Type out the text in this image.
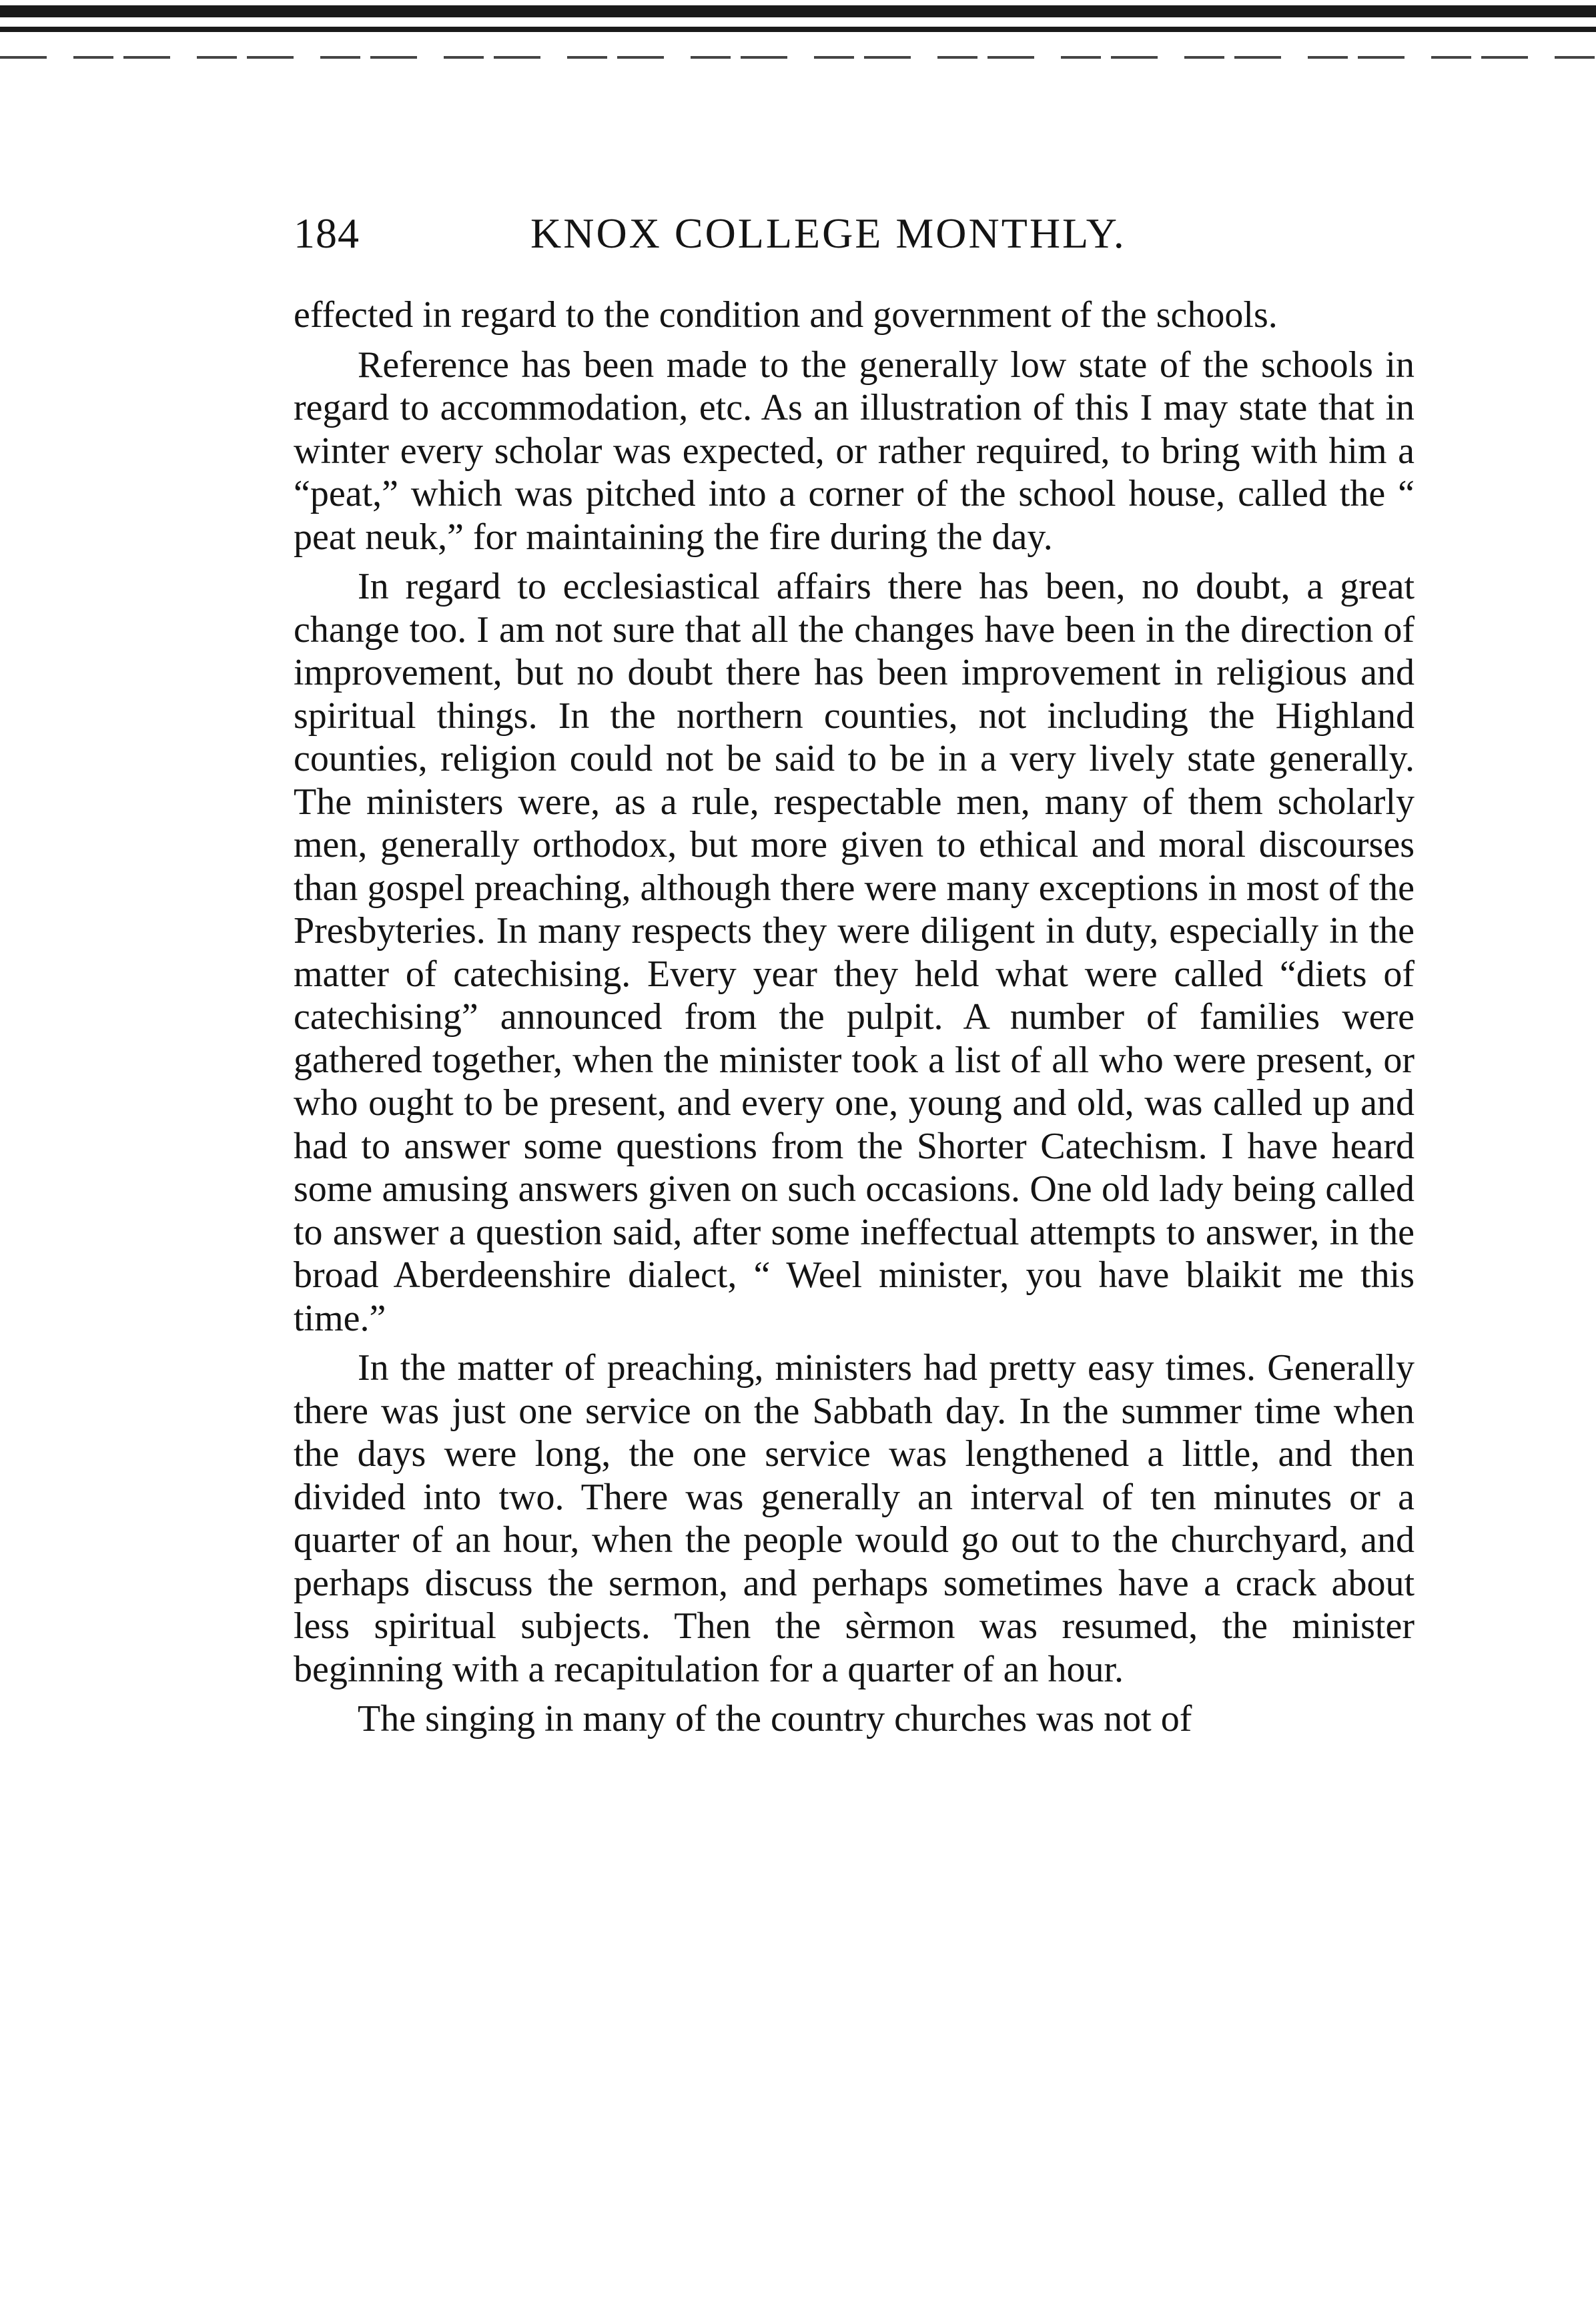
184	KNOX COLLEGE MONTHLY.

effected in regard to the condition and government of the schools.

Reference has been made to the generally low state of the schools in regard to accommodation, etc. As an illustration of this I may state that in winter every scholar was expected, or rather required, to bring with him a “peat,” which was pitched into a corner of the school house, called the “ peat neuk,” for maintaining the fire during the day.

In regard to ecclesiastical affairs there has been, no doubt, a great change too. I am not sure that all the changes have been in the direction of improvement, but no doubt there has been improvement in religious and spiritual things. In the northern counties, not including the Highland counties, religion could not be said to be in a very lively state generally. The ministers were, as a rule, respectable men, many of them scholarly men, generally orthodox, but more given to ethical and moral discourses than gospel preaching, although there were many exceptions in most of the Presbyteries. In many respects they were diligent in duty, especially in the matter of catechising. Every year they held what were called “diets of catechising” announced from the pulpit. A number of families were gathered together, when the minister took a list of all who were present, or who ought to be present, and every one, young and old, was called up and had to answer some questions from the Shorter Catechism. I have heard some amusing answers given on such occasions. One old lady being called to answer a question said, after some ineffectual attempts to answer, in the broad Aberdeenshire dialect, “ Weel minister, you have blaikit me this time.”

In the matter of preaching, ministers had pretty easy times. Generally there was just one service on the Sabbath day. In the summer time when the days were long, the one service was lengthened a little, and then divided into two. There was generally an interval of ten minutes or a quarter of an hour, when the people would go out to the churchyard, and perhaps discuss the sermon, and perhaps sometimes have a crack about less spiritual subjects. Then the sèrmon was resumed, the minister beginning with a recapitulation for a quarter of an hour.

The singing in many of the country churches was not of
